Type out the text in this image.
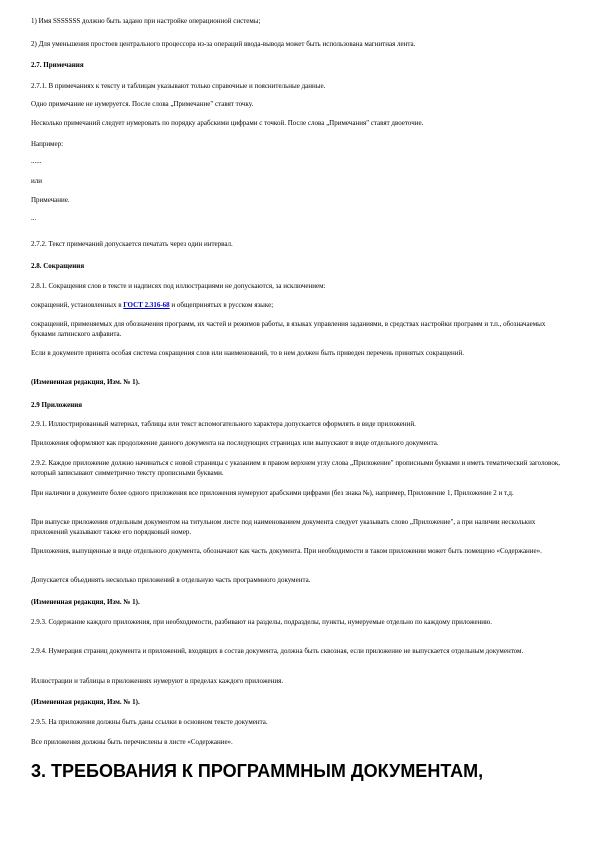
1) Имя SSSSSSS должно быть задано при настройке операционной системы;

2) Для уменьшения простоев центрального процессора из-за операций ввода-вывода может быть использована магнитная лента.

2.7. Примечания

2.7.1. В примечаниях к тексту и таблицам указывают только справочные и пояснительные данные.

Одно примечание не нумеруется. После слова „Примечание" ставят точку.

Несколько примечаний следует нумеровать по порядку арабскими цифрами с точкой. После слова „Примечания" ставят двоеточие.

Например:

......

или

Примечание.

...

2.7.2. Текст примечаний допускается печатать через один интервал.

2.8. Сокращения

2.8.1. Сокращения слов в тексте и надписях под иллюстрациями не допускаются, за исключением:

сокращений, установленных в ГОСТ 2.316-68 и общепринятых в русском языке;

сокращений, применяемых для обозначения программ, их частей и режимов работы, в языках управления заданиями, в средствах настройки программ и т.п., обозначаемых буквами латинского алфавита.

Если в документе принята особая система сокращения слов или наименований, то в нем должен быть приведен перечень принятых сокращений.

(Измененная редакция, Изм. № 1).

2.9 Приложения

2.9.1. Иллюстрированный материал, таблицы или текст вспомогательного характера допускается оформлять в виде приложений.

Приложения оформляют как продолжение данного документа на последующих страницах или выпускают в виде отдельного документа.

2.9.2. Каждое приложение должно начинаться с новой страницы с указанием в правом верхнем углу слова „Приложение" прописными буквами и иметь тематический заголовок, который записывают симметрично тексту прописными буквами.

При наличии в документе более одного приложения все приложения нумеруют арабскими цифрами (без знака №), например, Приложение 1, Приложение 2 и т.д.

При выпуске приложения отдельным документом на титульном листе под наименованием документа следует указывать слово „Приложение", а при наличии нескольких приложений указывают также его порядковый номер.

Приложения, выпущенные в виде отдельного документа, обозначают как часть документа. При необходимости в таком приложении может быть помещено «Содержание».

Допускается объединять несколько приложений в отдельную часть программного документа.

(Измененная редакция, Изм. № 1).

2.9.3. Содержание каждого приложения, при необходимости, разбивают на разделы, подразделы, пункты, нумеруемые отдельно по каждому приложению.

2.9.4. Нумерация страниц документа и приложений, входящих в состав документа, должна быть сквозная, если приложение не выпускается отдельным документом.

Иллюстрации и таблицы в приложениях нумеруют в пределах каждого приложения.

(Измененная редакция, Изм. № 1).

2.9.5. На приложения должны быть даны ссылки в основном тексте документа.

Все приложения должны быть перечислены в листе «Содержание».

3. ТРЕБОВАНИЯ К ПРОГРАММНЫМ ДОКУМЕНТАМ,
